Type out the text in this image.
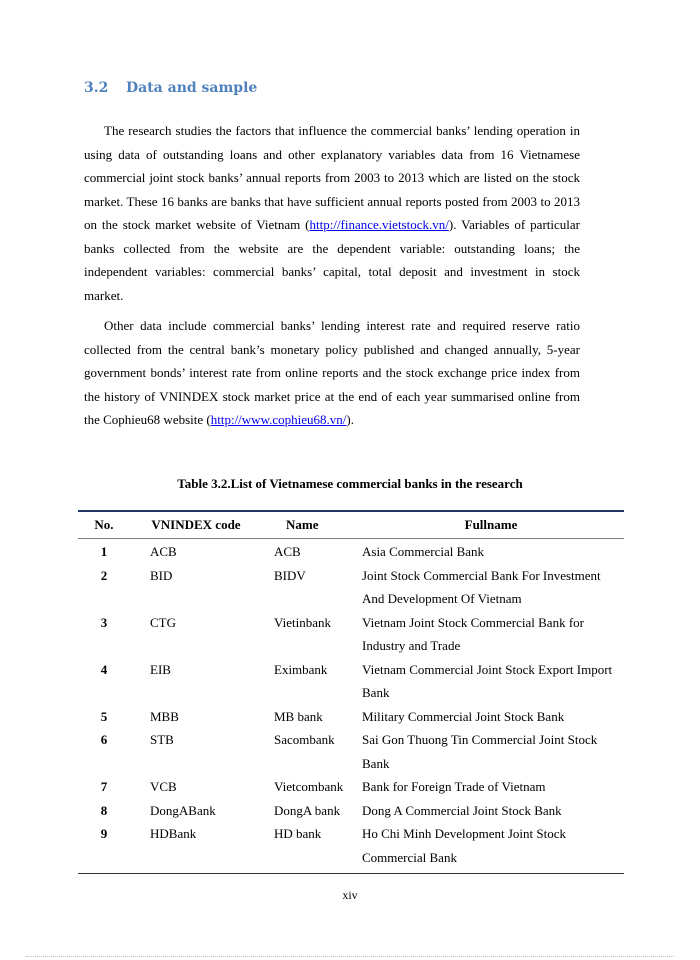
3.2 Data and sample

The research studies the factors that influence the commercial banks’ lending operation in using data of outstanding loans and other explanatory variables data from 16 Vietnamese commercial joint stock banks’ annual reports from 2003 to 2013 which are listed on the stock market. These 16 banks are banks that have sufficient annual reports posted from 2003 to 2013 on the stock market website of Vietnam (http://finance.vietstock.vn/). Variables of particular banks collected from the website are the dependent variable: outstanding loans; the independent variables: commercial banks’ capital, total deposit and investment in stock market.

Other data include commercial banks’ lending interest rate and required reserve ratio collected from the central bank’s monetary policy published and changed annually, 5-year government bonds’ interest rate from online reports and the stock exchange price index from the history of VNINDEX stock market price at the end of each year summarised online from the Cophieu68 website (http://www.cophieu68.vn/).

Table 3.2.List of Vietnamese commercial banks in the research

No.	VNINDEX code	Name	Fullname
1	ACB	ACB	Asia Commercial Bank
2	BID	BIDV	Joint Stock Commercial Bank For Investment And Development Of Vietnam
3	CTG	Vietinbank	Vietnam Joint Stock Commercial Bank for Industry and Trade
4	EIB	Eximbank	Vietnam Commercial Joint Stock Export Import Bank
5	MBB	MB bank	Military Commercial Joint Stock Bank
6	STB	Sacombank	Sai Gon Thuong Tin Commercial Joint Stock Bank
7	VCB	Vietcombank	Bank for Foreign Trade of Vietnam
8	DongABank	DongA bank	Dong A Commercial Joint Stock Bank
9	HDBank	HD bank	Ho Chi Minh Development Joint Stock Commercial Bank

xiv
